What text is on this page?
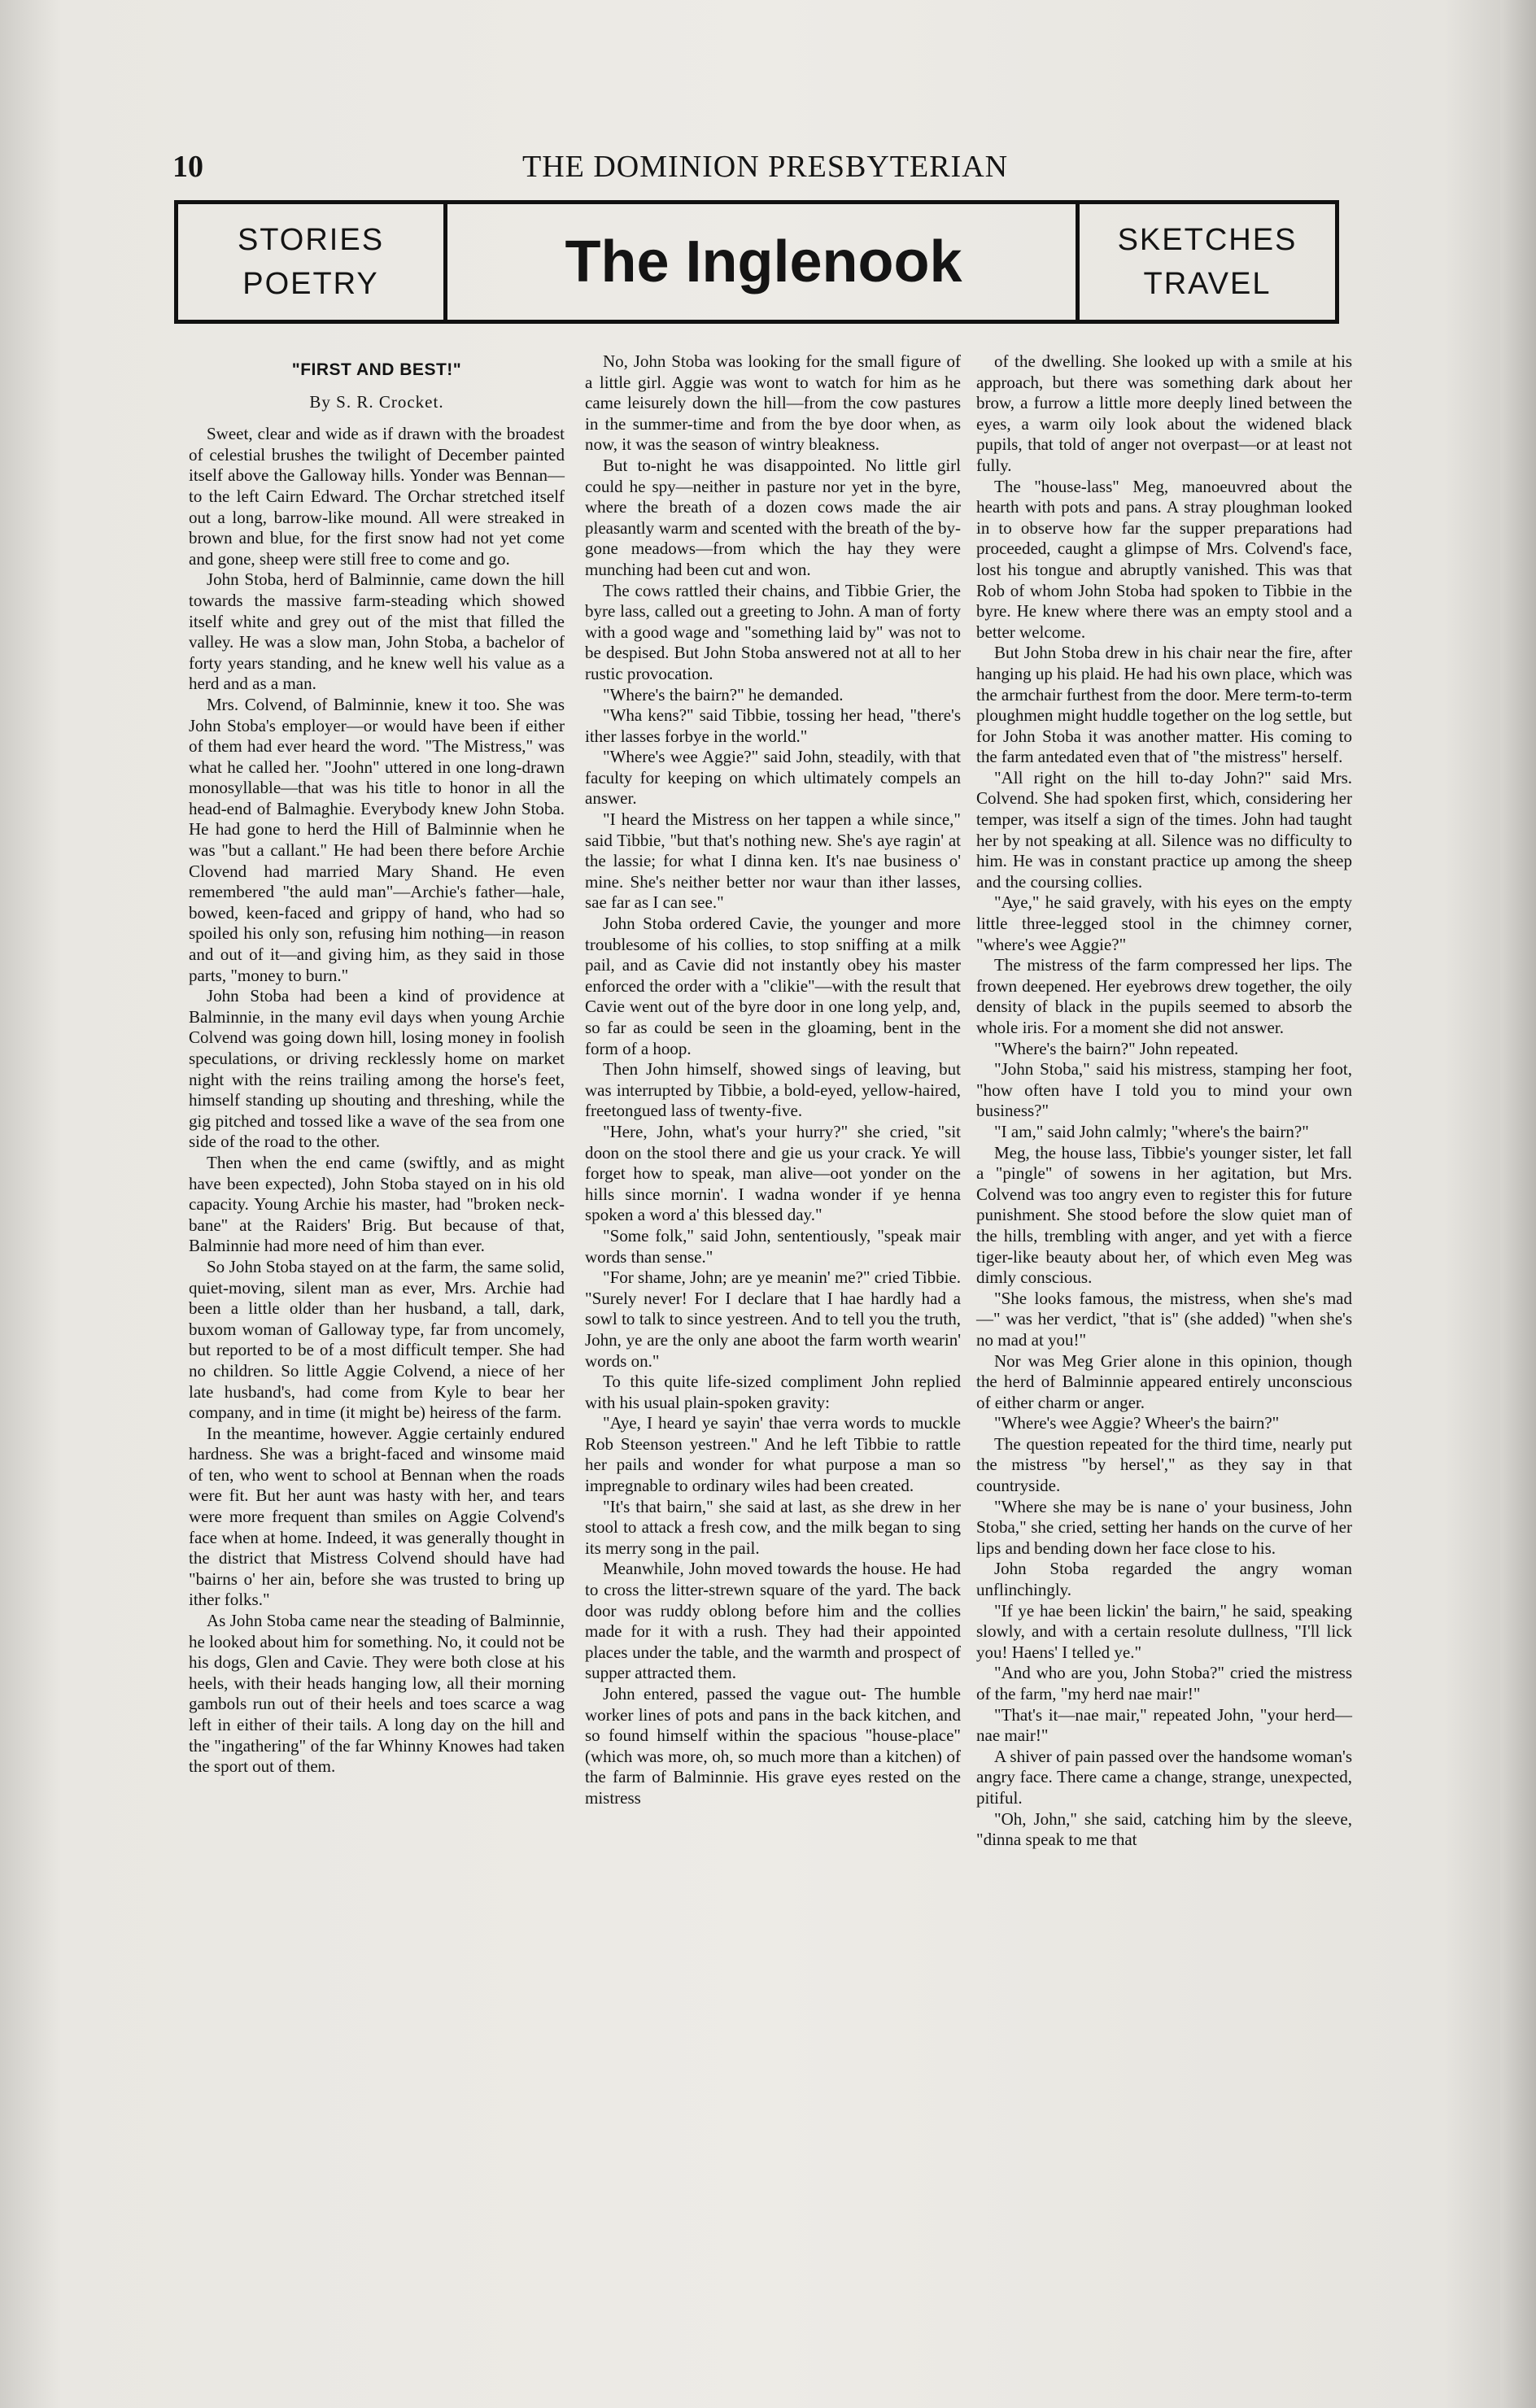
10	THE DOMINION PRESBYTERIAN
STORIES
POETRY	The Inglenook	SKETCHES
TRAVEL
"FIRST AND BEST!"
By S. R. Crocket.

Sweet, clear and wide as if drawn with the broadest of celestial brushes the twilight of December painted itself above the Galloway hills. Yonder was Bennan—to the left Cairn Edward. The Orchar stretched itself out a long, barrow-like mound. All were streaked in brown and blue, for the first snow had not yet come and gone, sheep were still free to come and go.

John Stoba, herd of Balminnie, came down the hill towards the massive farm-steading which showed itself white and grey out of the mist that filled the valley. He was a slow man, John Stoba, a bachelor of forty years standing, and he knew well his value as a herd and as a man.

Mrs. Colvend, of Balminnie, knew it too. She was John Stoba's employer—or would have been if either of them had ever heard the word. "The Mistress," was what he called her. "Joohn" uttered in one long-drawn monosyllable—that was his title to honor in all the head-end of Balmaghie. Everybody knew John Stoba. He had gone to herd the Hill of Balminnie when he was "but a callant." He had been there before Archie Clovend had married Mary Shand. He even remembered "the auld man"—Archie's father—hale, bowed, keen-faced and grippy of hand, who had so spoiled his only son, refusing him nothing—in reason and out of it—and giving him, as they said in those parts, "money to burn."

John Stoba had been a kind of providence at Balminnie, in the many evil days when young Archie Colvend was going down hill, losing money in foolish speculations, or driving recklessly home on market night with the reins trailing among the horse's feet, himself standing up shouting and threshing, while the gig pitched and tossed like a wave of the sea from one side of the road to the other.

Then when the end came (swiftly, and as might have been expected), John Stoba stayed on in his old capacity. Young Archie his master, had "broken neck-bane" at the Raiders' Brig. But because of that, Balminnie had more need of him than ever.

So John Stoba stayed on at the farm, the same solid, quiet-moving, silent man as ever, Mrs. Archie had been a little older than her husband, a tall, dark, buxom woman of Galloway type, far from uncomely, but reported to be of a most difficult temper. She had no children. So little Aggie Colvend, a niece of her late husband's, had come from Kyle to bear her company, and in time (it might be) heiress of the farm.

In the meantime, however. Aggie certainly endured hardness. She was a bright-faced and winsome maid of ten, who went to school at Bennan when the roads were fit. But her aunt was hasty with her, and tears were more frequent than smiles on Aggie Colvend's face when at home. Indeed, it was generally thought in the district that Mistress Colvend should have had "bairns o' her ain, before she was trusted to bring up ither folks."

As John Stoba came near the steading of Balminnie, he looked about him for something. No, it could not be his dogs, Glen and Cavie. They were both close at his heels, with their heads hanging low, all their morning gambols run out of their heels and toes scarce a wag left in either of their tails. A long day on the hill and the "ingathering" of the far Whinny Knowes had taken the sport out of them.

No, John Stoba was looking for the small figure of a little girl. Aggie was wont to watch for him as he came leisurely down the hill—from the cow pastures in the summer-time and from the bye door when, as now, it was the season of wintry bleakness.

But to-night he was disappointed. No little girl could he spy—neither in pasture nor yet in the byre, where the breath of a dozen cows made the air pleasantly warm and scented with the breath of the by-gone meadows—from which the hay they were munching had been cut and won.

The cows rattled their chains, and Tibbie Grier, the byre lass, called out a greeting to John. A man of forty with a good wage and "something laid by" was not to be despised. But John Stoba answered not at all to her rustic provocation.

"Where's the bairn?" he demanded.

"Wha kens?" said Tibbie, tossing her head, "there's ither lasses forbye in the world."

"Where's wee Aggie?" said John, steadily, with that faculty for keeping on which ultimately compels an answer.

"I heard the Mistress on her tappen a while since," said Tibbie, "but that's nothing new. She's aye ragin' at the lassie; for what I dinna ken. It's nae business o' mine. She's neither better nor waur than ither lasses, sae far as I can see."

John Stoba ordered Cavie, the younger and more troublesome of his collies, to stop sniffing at a milk pail, and as Cavie did not instantly obey his master enforced the order with a "clikie"—with the result that Cavie went out of the byre door in one long yelp, and, so far as could be seen in the gloaming, bent in the form of a hoop.

Then John himself, showed sings of leaving, but was interrupted by Tibbie, a bold-eyed, yellow-haired, freetongued lass of twenty-five.

"Here, John, what's your hurry?" she cried, "sit doon on the stool there and gie us your crack. Ye will forget how to speak, man alive—oot yonder on the hills since mornin'. I wadna wonder if ye henna spoken a word a' this blessed day."

"Some folk," said John, sententiously, "speak mair words than sense."

"For shame, John; are ye meanin' me?" cried Tibbie. "Surely never! For I declare that I hae hardly had a sowl to talk to since yestreen. And to tell you the truth, John, ye are the only ane aboot the farm worth wearin' words on."

To this quite life-sized compliment John replied with his usual plain-spoken gravity:

"Aye, I heard ye sayin' thae verra words to muckle Rob Steenson yestreen." And he left Tibbie to rattle her pails and wonder for what purpose a man so impregnable to ordinary wiles had been created.

"It's that bairn," she said at last, as she drew in her stool to attack a fresh cow, and the milk began to sing its merry song in the pail.

Meanwhile, John moved towards the house. He had to cross the litter-strewn square of the yard. The back door was ruddy oblong before him and the collies made for it with a rush. They had their appointed places under the table, and the warmth and prospect of supper attracted them.

John entered, passed the vague out- The humble worker lines of pots and pans in the back kitchen, and so found himself within the spacious "house-place" (which was more, oh, so much more than a kitchen) of the farm of Balminnie. His grave eyes rested on the mistress

of the dwelling. She looked up with a smile at his approach, but there was something dark about her brow, a furrow a little more deeply lined between the eyes, a warm oily look about the widened black pupils, that told of anger not overpast—or at least not fully.

The "house-lass" Meg, manoeuvred about the hearth with pots and pans. A stray ploughman looked in to observe how far the supper preparations had proceeded, caught a glimpse of Mrs. Colvend's face, lost his tongue and abruptly vanished. This was that Rob of whom John Stoba had spoken to Tibbie in the byre. He knew where there was an empty stool and a better welcome.

But John Stoba drew in his chair near the fire, after hanging up his plaid. He had his own place, which was the armchair furthest from the door. Mere term-to-term ploughmen might huddle together on the log settle, but for John Stoba it was another matter. His coming to the farm antedated even that of "the mistress" herself.

"All right on the hill to-day John?" said Mrs. Colvend. She had spoken first, which, considering her temper, was itself a sign of the times. John had taught her by not speaking at all. Silence was no difficulty to him. He was in constant practice up among the sheep and the coursing collies.

"Aye," he said gravely, with his eyes on the empty little three-legged stool in the chimney corner, "where's wee Aggie?"

The mistress of the farm compressed her lips. The frown deepened. Her eyebrows drew together, the oily density of black in the pupils seemed to absorb the whole iris. For a moment she did not answer.

"Where's the bairn?" John repeated.

"John Stoba," said his mistress, stamping her foot, "how often have I told you to mind your own business?"

"I am," said John calmly; "where's the bairn?"

Meg, the house lass, Tibbie's younger sister, let fall a "pingle" of sowens in her agitation, but Mrs. Colvend was too angry even to register this for future punishment. She stood before the slow quiet man of the hills, trembling with anger, and yet with a fierce tiger-like beauty about her, of which even Meg was dimly conscious.

"She looks famous, the mistress, when she's mad—" was her verdict, "that is" (she added) "when she's no mad at you!"

Nor was Meg Grier alone in this opinion, though the herd of Balminnie appeared entirely unconscious of either charm or anger.

"Where's wee Aggie? Wheer's the bairn?"

The question repeated for the third time, nearly put the mistress "by hersel'," as they say in that countryside.

"Where she may be is nane o' your business, John Stoba," she cried, setting her hands on the curve of her lips and bending down her face close to his.

John Stoba regarded the angry woman unflinchingly.

"If ye hae been lickin' the bairn," he said, speaking slowly, and with a certain resolute dullness, "I'll lick you! Haens' I telled ye."

"And who are you, John Stoba?" cried the mistress of the farm, "my herd nae mair!"

"That's it—nae mair," repeated John, "your herd—nae mair!"

A shiver of pain passed over the handsome woman's angry face. There came a change, strange, unexpected, pitiful.

"Oh, John," she said, catching him by the sleeve, "dinna speak to me that
